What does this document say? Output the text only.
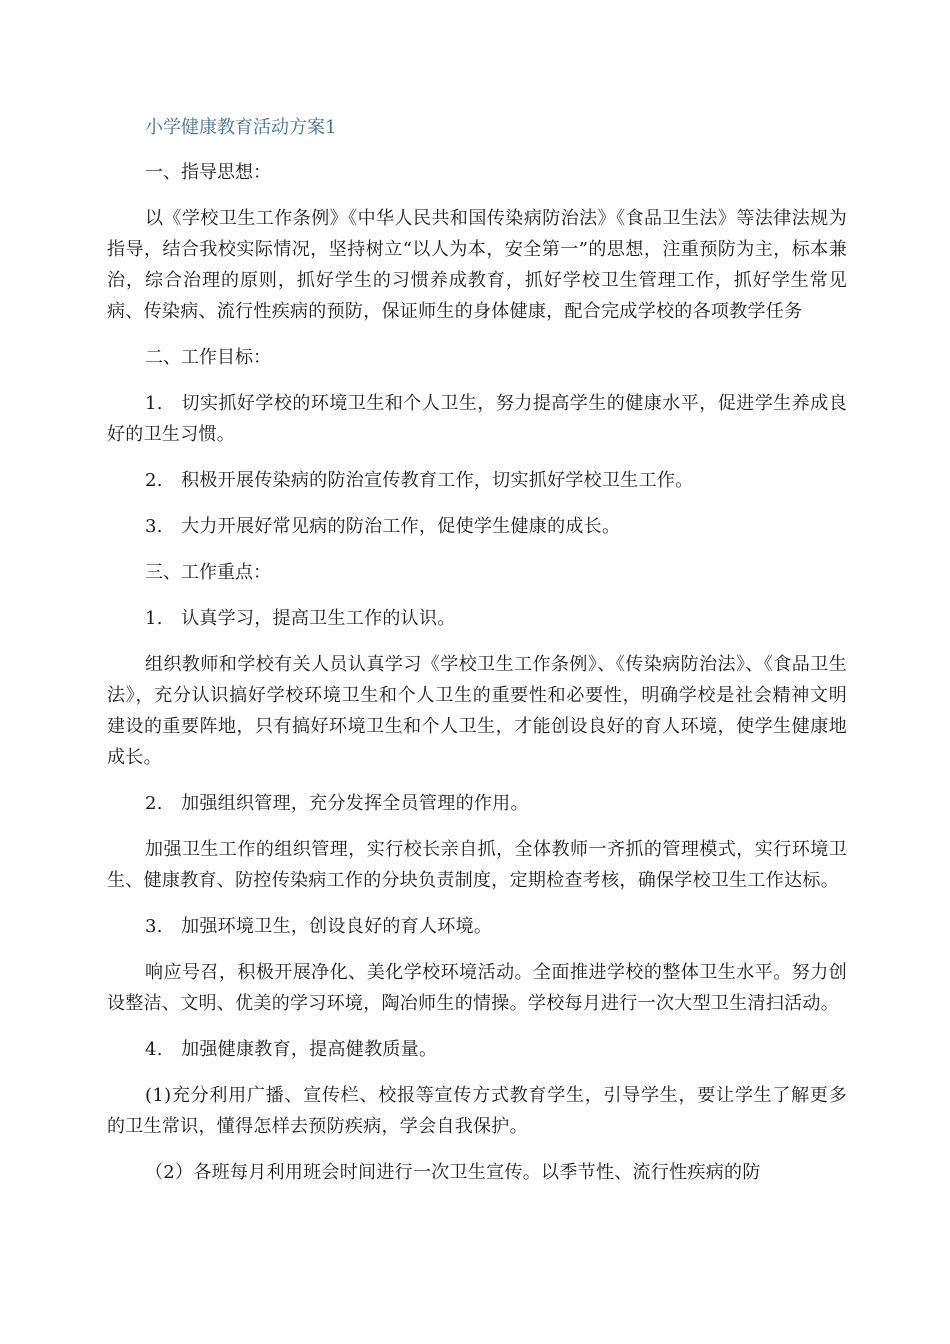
小学健康教育活动方案1

一、指导思想：

以《学校卫生工作条例》《中华人民共和国传染病防治法》《食品卫生法》等法律法规为指导，结合我校实际情况，坚持树立“以人为本，安全第一”的思想，注重预防为主，标本兼治，综合治理的原则，抓好学生的习惯养成教育，抓好学校卫生管理工作，抓好学生常见病、传染病、流行性疾病的预防，保证师生的身体健康，配合完成学校的各项教学任务

二、工作目标：

1.　切实抓好学校的环境卫生和个人卫生，努力提高学生的健康水平，促进学生养成良好的卫生习惯。

2.　积极开展传染病的防治宣传教育工作，切实抓好学校卫生工作。

3.　大力开展好常见病的防治工作，促使学生健康的成长。

三、工作重点：

1.　认真学习，提高卫生工作的认识。

组织教师和学校有关人员认真学习《学校卫生工作条例》、《传染病防治法》、《食品卫生法》，充分认识搞好学校环境卫生和个人卫生的重要性和必要性，明确学校是社会精神文明建设的重要阵地，只有搞好环境卫生和个人卫生，才能创设良好的育人环境，使学生健康地成长。

2.　加强组织管理，充分发挥全员管理的作用。

加强卫生工作的组织管理，实行校长亲自抓，全体教师一齐抓的管理模式，实行环境卫生、健康教育、防控传染病工作的分块负责制度，定期检查考核，确保学校卫生工作达标。

3.　加强环境卫生，创设良好的育人环境。

响应号召，积极开展净化、美化学校环境活动。全面推进学校的整体卫生水平。努力创设整洁、文明、优美的学习环境，陶冶师生的情操。学校每月进行一次大型卫生清扫活动。

4.　加强健康教育，提高健教质量。

(1)充分利用广播、宣传栏、校报等宣传方式教育学生，引导学生，要让学生了解更多的卫生常识，懂得怎样去预防疾病，学会自我保护。

（2）各班每月利用班会时间进行一次卫生宣传。以季节性、流行性疾病的防
